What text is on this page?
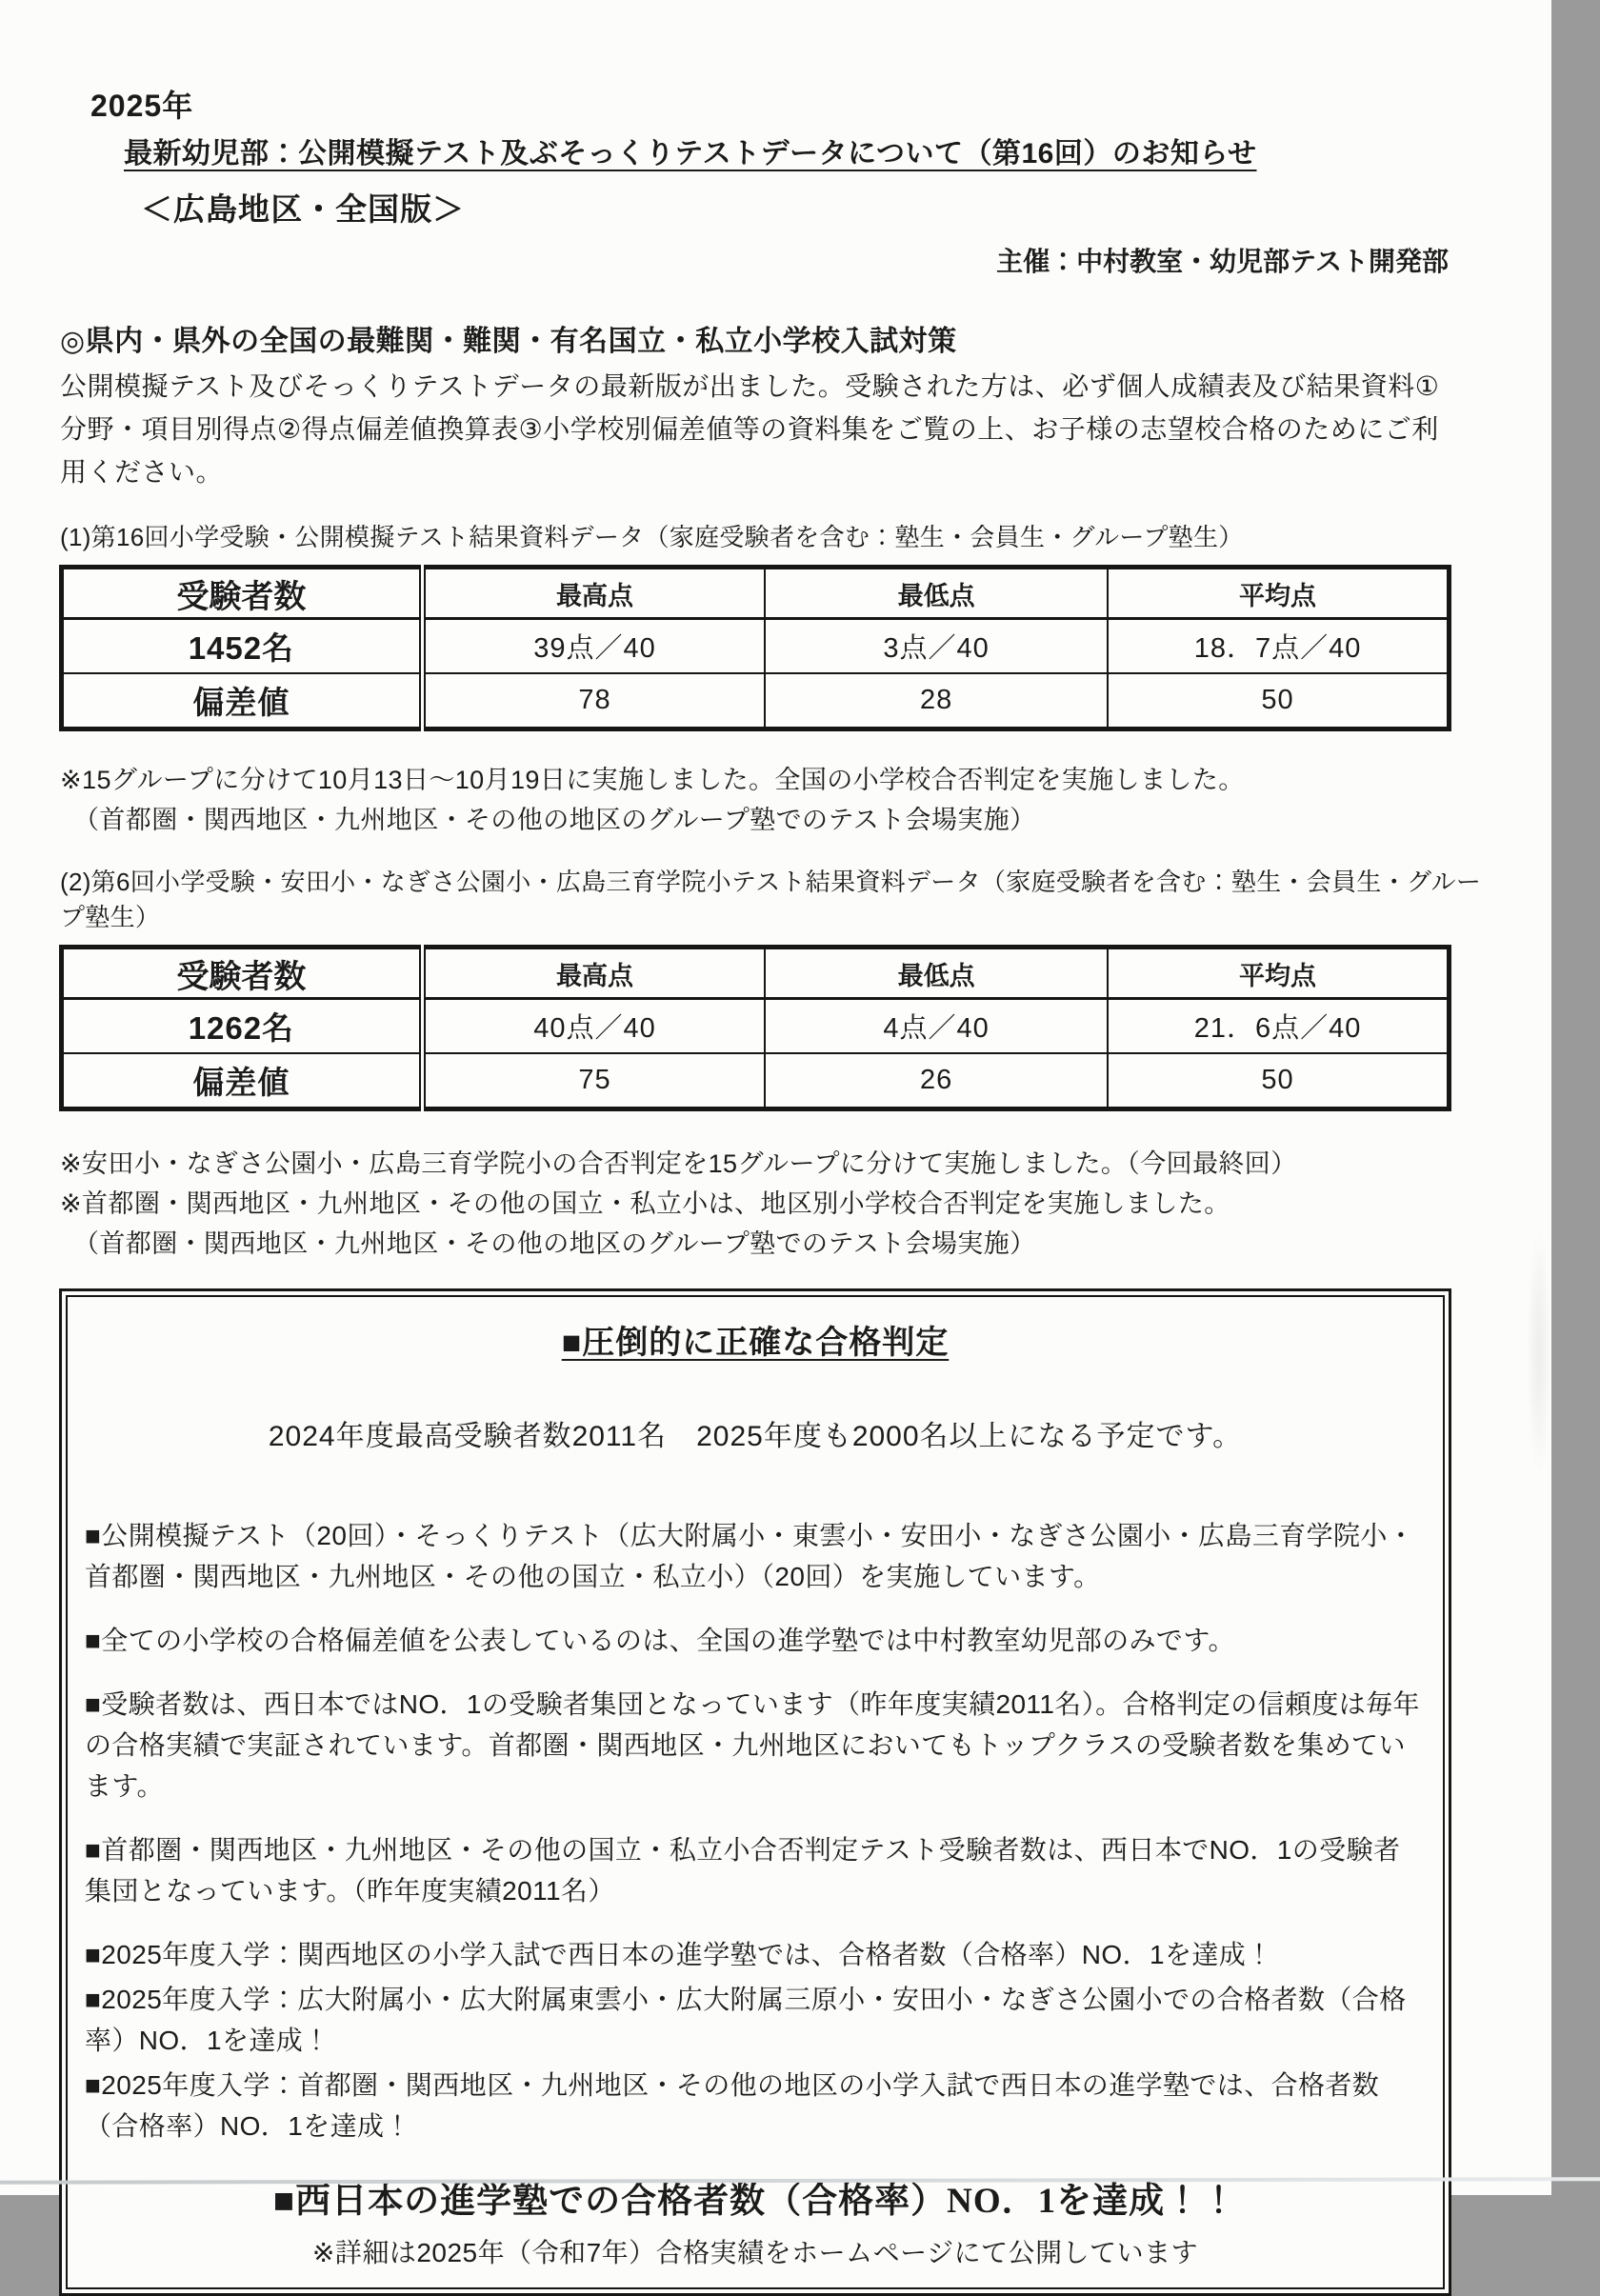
2025年
最新幼児部：公開模擬テスト及ぶそっくりテストデータについて（第16回）のお知らせ
＜広島地区・全国版＞
主催：中村教室・幼児部テスト開発部
◎県内・県外の全国の最難関・難関・有名国立・私立小学校入試対策
公開模擬テスト及びそっくりテストデータの最新版が出ました。受験された方は、必ず個人成績表及び結果資料①分野・項目別得点②得点偏差値換算表③小学校別偏差値等の資料集をご覧の上、お子様の志望校合格のためにご利用ください。
(1)第16回小学受験・公開模擬テスト結果資料データ（家庭受験者を含む：塾生・会員生・グループ塾生）
受験者数	最高点	最低点	平均点
1452名	39点／40	3点／40	18．7点／40
偏差値	78	28	50
※15グループに分けて10月13日～10月19日に実施しました。全国の小学校合否判定を実施しました。
（首都圏・関西地区・九州地区・その他の地区のグループ塾でのテスト会場実施）
(2)第6回小学受験・安田小・なぎさ公園小・広島三育学院小テスト結果資料データ（家庭受験者を含む：塾生・会員生・グループ塾生）
受験者数	最高点	最低点	平均点
1262名	40点／40	4点／40	21．6点／40
偏差値	75	26	50
※安田小・なぎさ公園小・広島三育学院小の合否判定を15グループに分けて実施しました。（今回最終回）
※首都圏・関西地区・九州地区・その他の国立・私立小は、地区別小学校合否判定を実施しました。
（首都圏・関西地区・九州地区・その他の地区のグループ塾でのテスト会場実施）
■圧倒的に正確な合格判定
2024年度最高受験者数2011名　2025年度も2000名以上になる予定です。
■公開模擬テスト（20回）・そっくりテスト（広大附属小・東雲小・安田小・なぎさ公園小・広島三育学院小・首都圏・関西地区・九州地区・その他の国立・私立小）（20回）を実施しています。
■全ての小学校の合格偏差値を公表しているのは、全国の進学塾では中村教室幼児部のみです。
■受験者数は、西日本ではNO．1の受験者集団となっています（昨年度実績2011名）。合格判定の信頼度は毎年の合格実績で実証されています。首都圏・関西地区・九州地区においてもトップクラスの受験者数を集めています。
■首都圏・関西地区・九州地区・その他の国立・私立小合否判定テスト受験者数は、西日本でNO．1の受験者集団となっています。（昨年度実績2011名）
■2025年度入学：関西地区の小学入試で西日本の進学塾では、合格者数（合格率）NO．1を達成！
■2025年度入学：広大附属小・広大附属東雲小・広大附属三原小・安田小・なぎさ公園小での合格者数（合格率）NO．1を達成！
■2025年度入学：首都圏・関西地区・九州地区・その他の地区の小学入試で西日本の進学塾では、合格者数（合格率）NO．1を達成！
■西日本の進学塾での合格者数（合格率）NO．1を達成！！
※詳細は2025年（令和7年）合格実績をホームページにて公開しています
